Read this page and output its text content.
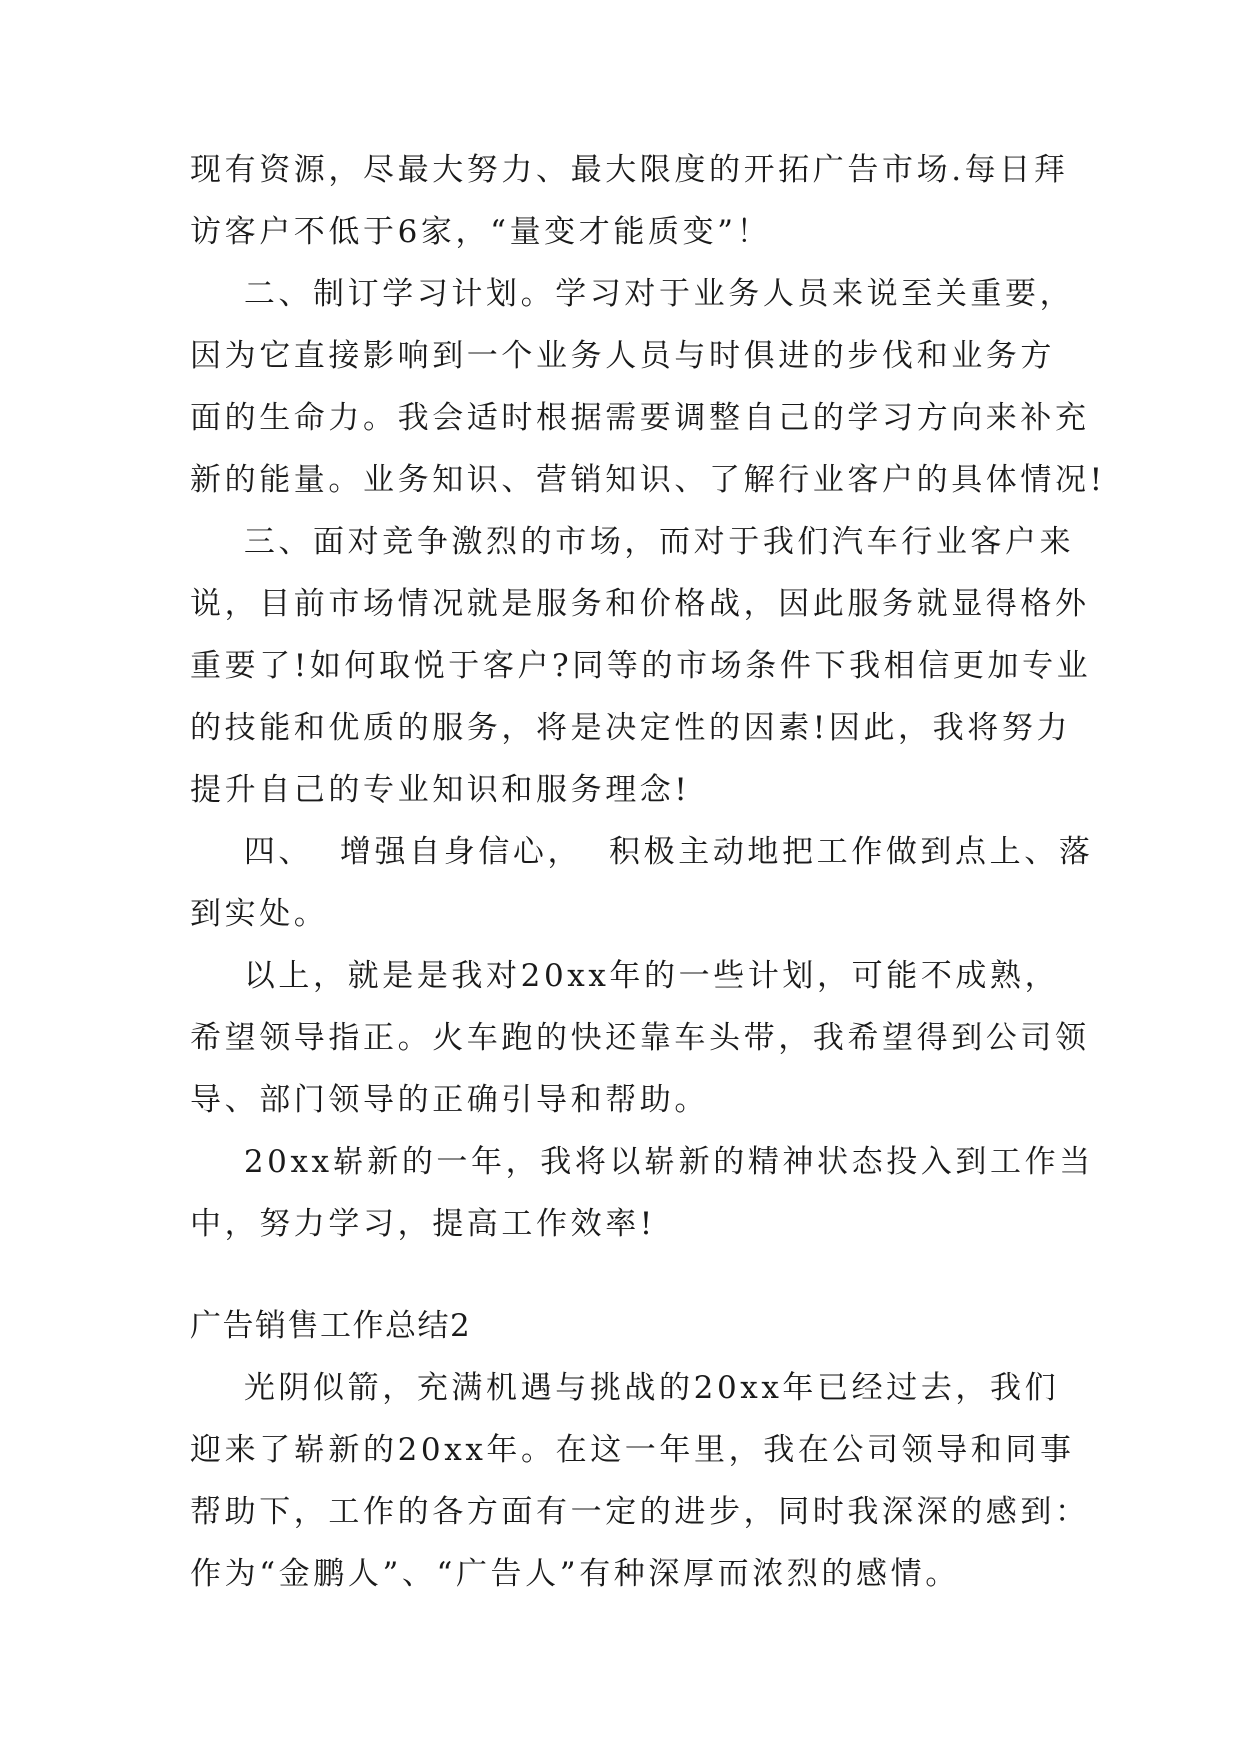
现有资源，尽最大努力、最大限度的开拓广告市场.每日拜
访客户不低于6家，“量变才能质变”！
二、制订学习计划。学习对于业务人员来说至关重要，
因为它直接影响到一个业务人员与时俱进的步伐和业务方
面的生命力。我会适时根据需要调整自己的学习方向来补充
新的能量。业务知识、营销知识、了解行业客户的具体情况!
三、面对竞争激烈的市场，而对于我们汽车行业客户来
说，目前市场情况就是服务和价格战，因此服务就显得格外
重要了!如何取悦于客户?同等的市场条件下我相信更加专业
的技能和优质的服务，将是决定性的因素!因此，我将努力
提升自己的专业知识和服务理念!
四、  增强自身信心，  积极主动地把工作做到点上、落
到实处。
以上，就是是我对20xx年的一些计划，可能不成熟，
希望领导指正。火车跑的快还靠车头带，我希望得到公司领
导、部门领导的正确引导和帮助。
20xx崭新的一年，我将以崭新的精神状态投入到工作当
中，努力学习，提高工作效率!
广告销售工作总结2
光阴似箭，充满机遇与挑战的20xx年已经过去，我们
迎来了崭新的20xx年。在这一年里，我在公司领导和同事
帮助下，工作的各方面有一定的进步，同时我深深的感到：
作为“金鹏人”、“广告人”有种深厚而浓烈的感情。
